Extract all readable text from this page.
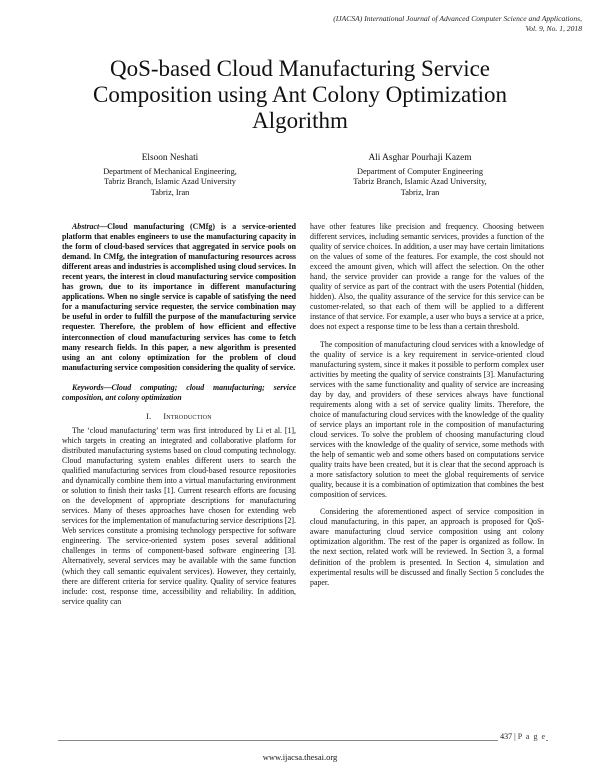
(IJACSA) International Journal of Advanced Computer Science and Applications,
Vol. 9, No. 1, 2018
QoS-based Cloud Manufacturing Service
Composition using Ant Colony Optimization
Algorithm
Elsoon Neshati
Department of Mechanical Engineering,
Tabriz Branch, Islamic Azad University
Tabriz, Iran
Ali Asghar Pourhaji Kazem
Department of Computer Engineering
Tabriz Branch, Islamic Azad University,
Tabriz, Iran

Abstract—Cloud manufacturing (CMfg) is a service-oriented platform that enables engineers to use the manufacturing capacity in the form of cloud-based services that aggregated in service pools on demand. In CMfg, the integration of manufacturing resources across different areas and industries is accomplished using cloud services. In recent years, the interest in cloud manufacturing service composition has grown, due to its importance in different manufacturing applications. When no single service is capable of satisfying the need for a manufacturing service requester, the service combination may be useful in order to fulfill the purpose of the manufacturing service requester. Therefore, the problem of how efficient and effective interconnection of cloud manufacturing services has come to fetch many research fields. In this paper, a new algorithm is presented using an ant colony optimization for the problem of cloud manufacturing service composition considering the quality of service.

Keywords—Cloud computing; cloud manufacturing; service composition, ant colony optimization

I. Introduction

The ‘cloud manufacturing’ term was first introduced by Li et al. [1], which targets in creating an integrated and collaborative platform for distributed manufacturing systems based on cloud computing technology. Cloud manufacturing system enables different users to search the qualified manufacturing services from cloud-based resource repositories and dynamically combine them into a virtual manufacturing environment or solution to finish their tasks [1]. Current research efforts are focusing on the development of appropriate descriptions for manufacturing services. Many of theses approaches have chosen for extending web services for the implementation of manufacturing service descriptions [2]. Web services constitute a promising technology perspective for software engineering. The service-oriented system poses several additional challenges in terms of component-based software engineering [3]. Alternatively, several services may be available with the same function (which they call semantic equivalent services). However, they certainly, there are different criteria for service quality. Quality of service features include: cost, response time, accessibility and reliability. In addition, service quality can

have other features like precision and frequency. Choosing between different services, including semantic services, provides a function of the quality of service choices. In addition, a user may have certain limitations on the values of some of the features. For example, the cost should not exceed the amount given, which will affect the selection. On the other hand, the service provider can provide a range for the values of the quality of service as part of the contract with the users Potential (hidden, hidden). Also, the quality assurance of the service for this service can be customer-related, so that each of them will be applied to a different instance of that service. For example, a user who buys a service at a price, does not expect a response time to be less than a certain threshold.

The composition of manufacturing cloud services with a knowledge of the quality of service is a key requirement in service-oriented cloud manufacturing system, since it makes it possible to perform complex user activities by meeting the quality of service constraints [3]. Manufacturing services with the same functionality and quality of service are increasing day by day, and providers of these services always have functional requirements along with a set of service quality limits. Therefore, the choice of manufacturing cloud services with the knowledge of the quality of service plays an important role in the composition of manufacturing cloud services. To solve the problem of choosing manufacturing cloud services with the knowledge of the quality of service, some methods with the help of semantic web and some others based on computations service quality traits have been created, but it is clear that the second approach is a more satisfactory solution to meet the global requirements of service quality, because it is a combination of optimization that combines the best composition of services.

Considering the aforementioned aspect of service composition in cloud manufacturing, in this paper, an approach is proposed for QoS-aware manufacturing cloud service composition using ant colony optimization algorithm. The rest of the paper is organized as follow. In the next section, related work will be reviewed. In Section 3, a formal definition of the problem is presented. In Section 4, simulation and experimental results will be discussed and finally Section 5 concludes the paper.

437 | P a g e
www.ijacsa.thesai.org
